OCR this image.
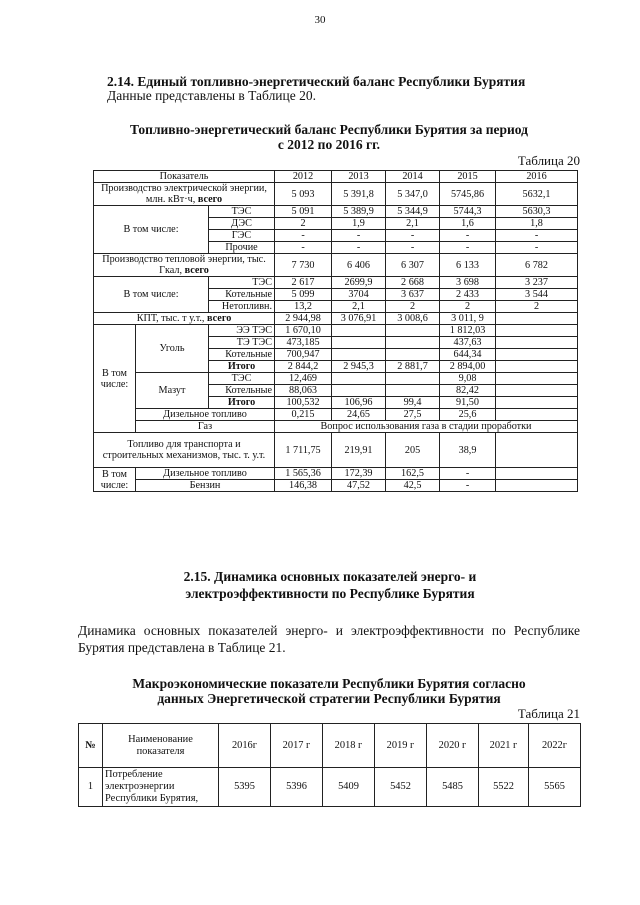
30
2.14. Единый топливно-энергетический баланс Республики Бурятия
Данные представлены в Таблице 20.
Топливно-энергетический баланс Республики Бурятия за период
с 2012 по 2016 гг.
Таблица 20
Показатель			2012	2013	2014	2015	2016
Производство электрической энергии, млн. кВт·ч, всего			5 093	5 391,8	5 347,0	5745,86	5632,1
В том числе:		ТЭС	5 091	5 389,9	5 344,9	5744,3	5630,3
		ДЭС	2	1,9	2,1	1,6	1,8
		ГЭС	-	-	-	-	-
		Прочие	-	-	-	-	-
Производство тепловой энергии, тыс. Гкал, всего			7 730	6 406	6 307	6 133	6 782
В том числе:		ТЭС	2 617	2699,9	2 668	3 698	3 237
		Котельные	5 099	3704	3 637	2 433	3 544
		Нетопливн.	13,2	2,1	2	2	2
КПТ, тыс. т у.т., всего			2 944,98	3 076,91	3 008,6	3 011, 9	

В том
числе:	Уголь	ЭЭ ТЭС	1 670,10			1 812,03	
		ТЭ ТЭС	473,185			437,63	
		Котельные	700,947			644,34	
		Итого	2 844,2	2 945,3	2 881,7	2 894,00	
	Мазут	ТЭС	12,469			9,08	
		Котельные	88,063			82,42	
		Итого	100,532	106,96	99,4	91,50	
	Дизельное топливо		0,215	24,65	27,5	25,6	
	Газ		Вопрос использования газа в стадии проработки				
Топливо для транспорта и строительных механизмов, тыс. т. у.т.			1 711,75	219,91	205	38,9	

В том
числе:	Дизельное топливо		1 565,36	172,39	162,5	-	
	Бензин		146,38	47,52	42,5	-	
2.15. Динамика основных показателей энерго- и
электроэффективности по Республике Бурятия
Динамика основных показателей энерго- и электроэффективности по Республике Бурятия представлена в Таблице 21.
Макроэкономические показатели Республики Бурятия согласно
данных Энергетической стратегии Республики Бурятия
Таблица 21
№	Наименование показателя	2016г	2017 г	2018 г	2019 г	2020 г	2021 г	2022г
1	Потребление электроэнергии Республики Бурятия,	5395	5396	5409	5452	5485	5522	5565
